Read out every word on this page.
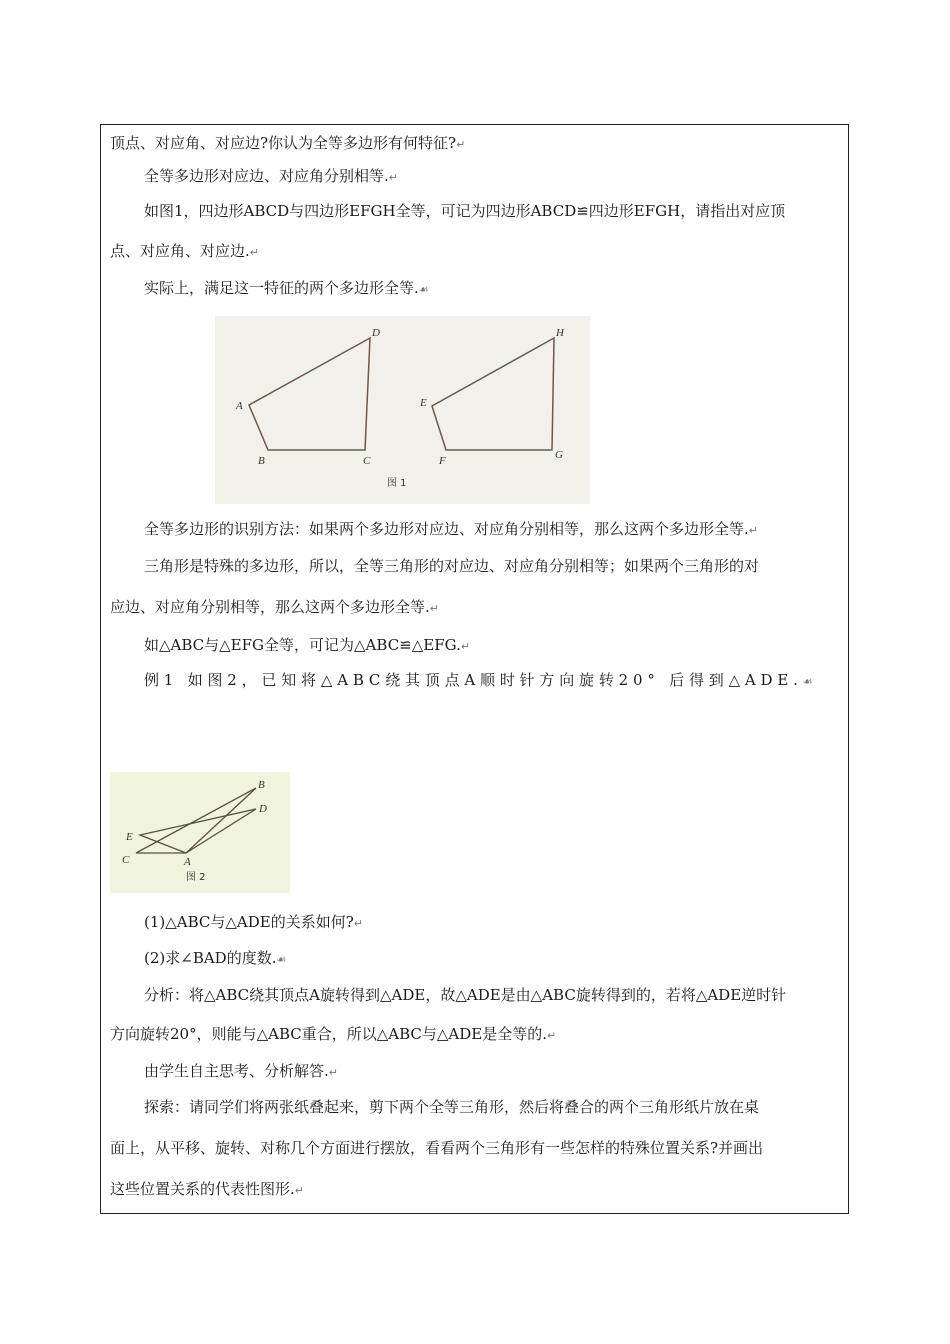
顶点、对应角、对应边?你认为全等多边形有何特征?↵
全等多边形对应边、对应角分别相等.↵
如图1，四边形ABCD与四边形EFGH全等，可记为四边形ABCD≌四边形EFGH，请指出对应顶
点、对应角、对应边.↵
实际上，满足这一特征的两个多边形全等.☙
A
B	C
D
E
F	G
H
图 1
全等多边形的识别方法：如果两个多边形对应边、对应角分别相等，那么这两个多边形全等.↵
三角形是特殊的多边形，所以，全等三角形的对应边、对应角分别相等；如果两个三角形的对
应边、对应角分别相等，那么这两个多边形全等.↵
如△ABC与△EFG全等，可记为△ABC≌△EFG.↵
例1 如图2，已知将△ABC绕其顶点A顺时针方向旋转20° 后得到△ADE.☙
B
D
E
C	A
图 2
(1)△ABC与△ADE的关系如何?↵
(2)求∠BAD的度数.☙
分析：将△ABC绕其顶点A旋转得到△ADE，故△ADE是由△ABC旋转得到的，若将△ADE逆时针
方向旋转20°，则能与△ABC重合，所以△ABC与△ADE是全等的.↵
由学生自主思考、分析解答.↵
探索：请同学们将两张纸叠起来，剪下两个全等三角形，然后将叠合的两个三角形纸片放在桌
面上，从平移、旋转、对称几个方面进行摆放，看看两个三角形有一些怎样的特殊位置关系?并画出
这些位置关系的代表性图形.↵
